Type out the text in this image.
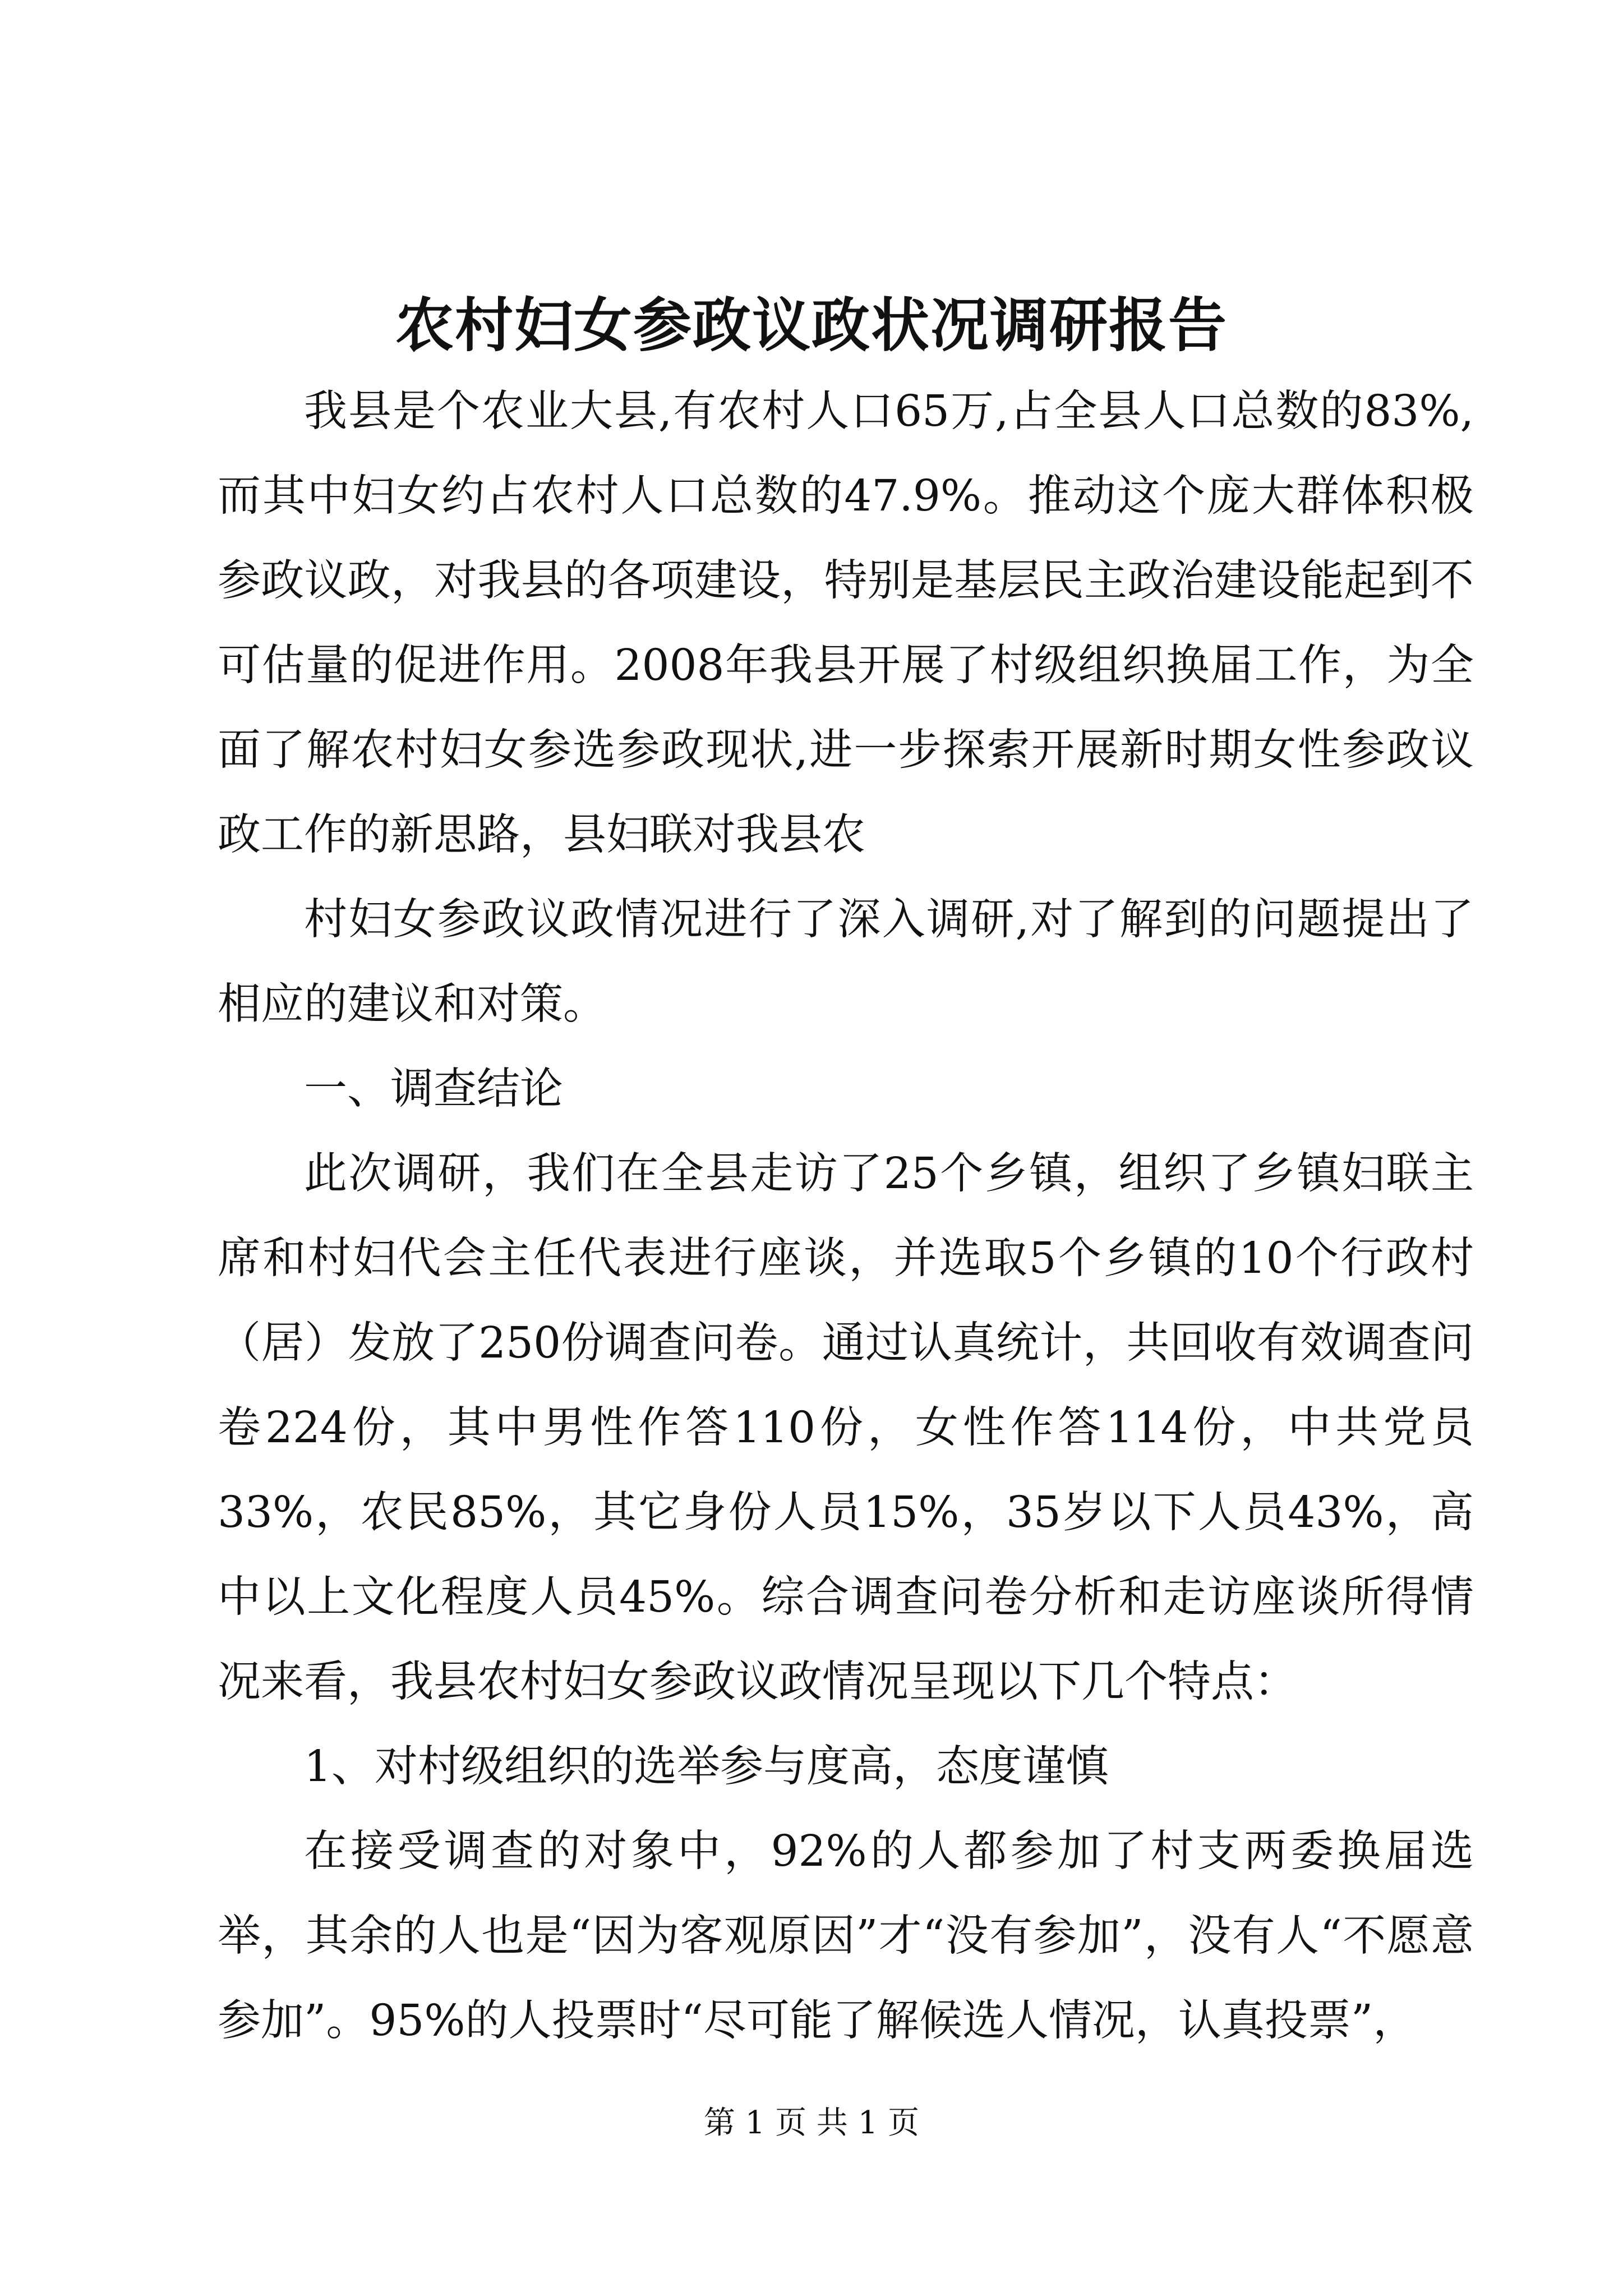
农村妇女参政议政状况调研报告

我县是个农业大县,有农村人口65万,占全县人口总数的83%,而其中妇女约占农村人口总数的47.9%。推动这个庞大群体积极参政议政，对我县的各项建设，特别是基层民主政治建设能起到不可估量的促进作用。2008年我县开展了村级组织换届工作，为全面了解农村妇女参选参政现状,进一步探索开展新时期女性参政议政工作的新思路，县妇联对我县农

村妇女参政议政情况进行了深入调研,对了解到的问题提出了相应的建议和对策。

一、调查结论

此次调研，我们在全县走访了25个乡镇，组织了乡镇妇联主席和村妇代会主任代表进行座谈，并选取5个乡镇的10个行政村（居）发放了250份调查问卷。通过认真统计，共回收有效调查问卷224份，其中男性作答110份，女性作答114份，中共党员33%，农民85%，其它身份人员15%，35岁以下人员43%，高中以上文化程度人员45%。综合调查问卷分析和走访座谈所得情况来看，我县农村妇女参政议政情况呈现以下几个特点：

1、对村级组织的选举参与度高，态度谨慎

在接受调查的对象中，92%的人都参加了村支两委换届选举，其余的人也是“因为客观原因”才“没有参加”，没有人“不愿意参加”。95%的人投票时“尽可能了解候选人情况，认真投票”，

第 1 页 共 1 页
